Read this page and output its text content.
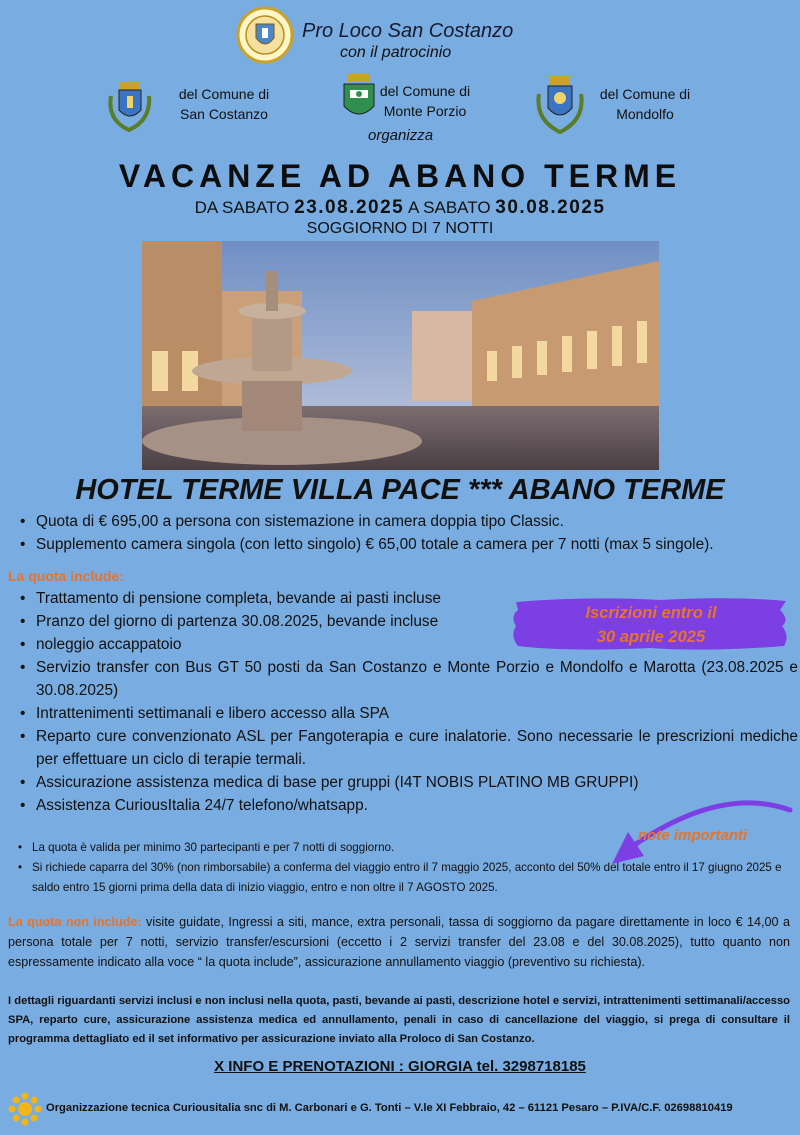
Pro Loco San Costanzo
con il patrocinio
del Comune di
San Costanzo
del Comune di
Monte Porzio
organizza
del Comune di
Mondolfo
VACANZE AD ABANO TERME
DA SABATO 23.08.2025 A SABATO 30.08.2025
SOGGIORNO DI 7 NOTTI
HOTEL TERME VILLA PACE *** ABANO TERME
• Quota di € 695,00 a persona con sistemazione in camera doppia tipo Classic.
• Supplemento camera singola (con letto singolo) € 65,00 totale a camera per 7 notti (max 5 singole).
La quota include:
• Trattamento di pensione completa, bevande ai pasti incluse
• Pranzo del giorno di partenza 30.08.2025, bevande incluse
• noleggio accappatoio
• Servizio transfer con Bus GT 50 posti da San Costanzo e Monte Porzio e Mondolfo e Marotta (23.08.2025 e 30.08.2025)
• Intrattenimenti settimanali e libero accesso alla SPA
• Reparto cure convenzionato ASL per Fangoterapia e cure inalatorie. Sono necessarie le prescrizioni mediche per effettuare un ciclo di terapie termali.
• Assicurazione assistenza medica di base per gruppi (I4T NOBIS PLATINO MB GRUPPI)
• Assistenza CuriousItalia 24/7 telefono/whatsapp.
Iscrizioni entro il
30 aprile 2025
note importanti
• La quota è valida per minimo 30 partecipanti e per 7 notti di soggiorno.
• Si richiede caparra del 30% (non rimborsabile) a conferma del viaggio entro il 7 maggio 2025, acconto del 50% del totale entro il 17 giugno 2025 e saldo entro 15 giorni prima della data di inizio viaggio, entro e non oltre il 7 AGOSTO 2025.
La quota non include: visite guidate, Ingressi a siti, mance, extra personali, tassa di soggiorno da pagare direttamente in loco € 14,00 a persona totale per 7 notti, servizio transfer/escursioni (eccetto i 2 servizi transfer del 23.08 e del 30.08.2025), tutto quanto non espressamente indicato alla voce “ la quota include”, assicurazione annullamento viaggio (preventivo su richiesta).
I dettagli riguardanti servizi inclusi e non inclusi nella quota, pasti, bevande ai pasti, descrizione hotel e servizi, intrattenimenti settimanali/accesso SPA, reparto cure, assicurazione assistenza medica ed annullamento, penali in caso di cancellazione del viaggio, si prega di consultare il programma dettagliato ed il set informativo per assicurazione inviato alla Proloco di San Costanzo.
X INFO E PRENOTAZIONI : GIORGIA tel. 3298718185
Organizzazione tecnica Curiousitalia snc di M. Carbonari e G. Tonti – V.le XI Febbraio, 42 – 61121 Pesaro – P.IVA/C.F. 02698810419
